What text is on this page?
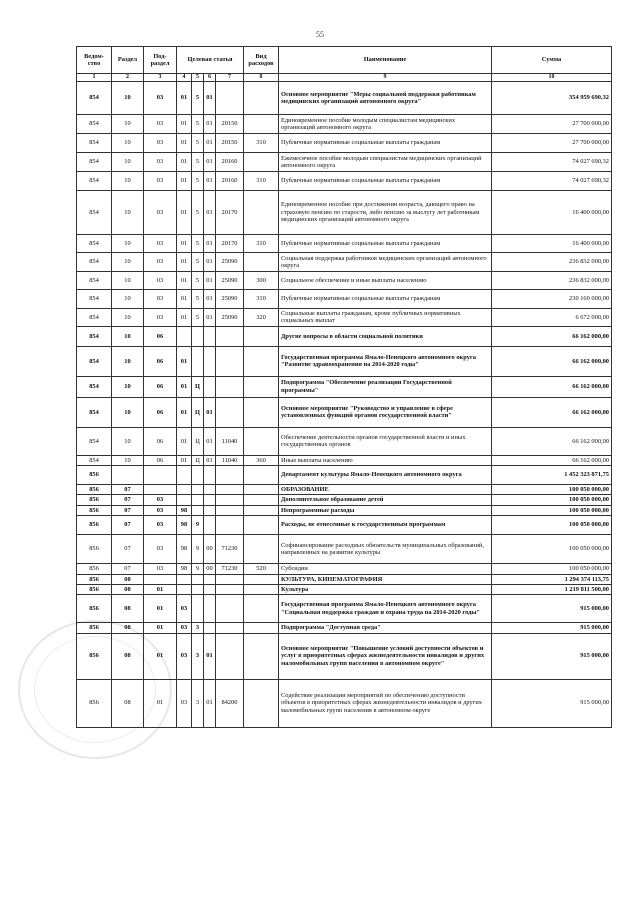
55
Ведом-ство	Раздел	Под-раздел	Целевая статья				Вид расходов	Наименование	Сумма
1	2	3	4	5	6	7	8	9	10
854	10	03	01	5	01			Основное мероприятие "Меры социальной поддержки работникам медицинских организаций автономного округа"	354 959 690,32
854	10	03	01	5	01	20150		Единовременное пособие молодым специалистам медицинских организаций автономного округа	27 700 000,00
854	10	03	01	5	01	20150	310	Публичные нормативные социальные выплаты гражданам	27 700 000,00
854	10	03	01	5	01	20160		Ежемесячное пособие молодым специалистам медицинских организаций автономного округа	74 027 690,32
854	10	03	01	5	01	20160	310	Публичные нормативные социальные выплаты гражданам	74 027 690,32
854	10	03	01	5	01	20170		Единовременное пособие при достижении возраста, дающего право на страховую пенсию по старости, либо пенсию за выслугу лет работникам медицинских организаций автономного округа	16 400 000,00
854	10	03	01	5	01	20170	310	Публичные нормативные социальные выплаты гражданам	16 400 000,00
854	10	03	01	5	01	25090		Социальная поддержка работников медицинских организаций автономного округа	236 832 000,00
854	10	03	01	5	01	25090	300	Социальное обеспечение и иные выплаты населению	236 832 000,00
854	10	03	01	5	01	25090	310	Публичные нормативные социальные выплаты гражданам	230 160 000,00
854	10	03	01	5	01	25090	320	Социальные выплаты гражданам, кроме публичных нормативных социальных выплат	6 672 000,00
854	10	06						Другие вопросы в области социальной политики	66 162 000,00
854	10	06	01					Государственная программа Ямало-Ненецкого автономного округа "Развитие здравоохранения на 2014-2020 годы"	66 162 000,00
854	10	06	01	Ц				Подпрограмма "Обеспечение реализации Государственной программы"	66 162 000,00
854	10	06	01	Ц	01			Основное мероприятие "Руководство и управление в сфере установленных функций органов государственной власти"	66 162 000,00
854	10	06	01	Ц	01	11040		Обеспечение деятельности органов государственной власти и иных государственных органов	66 162 000,00
854	10	06	01	Ц	01	11040	360	Иные выплаты населению	66 162 000,00
856								Департамент культуры Ямало-Ненецкого автономного округа	1 452 323 871,75
856	07							ОБРАЗОВАНИЕ	100 050 000,00
856	07	03						Дополнительное образование детей	100 050 000,00
856	07	03	98					Непрограммные расходы	100 050 000,00
856	07	03	98	9				Расходы, не отнесенные к государственным программам	100 050 000,00
856	07	03	98	9	00	71230		Софинансирование расходных обязательств муниципальных образований, направленных на развитие культуры	100 050 000,00
856	07	03	98	9	00	71230	520	Субсидии	100 050 000,00
856	08							КУЛЬТУРА, КИНЕМАТОГРАФИЯ	1 294 374 113,75
856	08	01						Культура	1 219 811 500,00
856	08	01	03					Государственная программа Ямало-Ненецкого автономного округа "Социальная поддержка граждан и охрана труда на 2014-2020 годы"	915 000,00
856	08	01	03	3				Подпрограмма "Доступная среда"	915 000,00
856	08	01	03	3	01			Основное мероприятие "Повышение условий доступности объектов и услуг в приоритетных сферах жизнедеятельности инвалидов и других маломобильных групп населения в автономном округе"	915 000,00
856	08	01	03	3	01	84200		Содействие реализации мероприятий по обеспечению доступности объектов в приоритетных сферах жизнедеятельности инвалидов и других маломобильных групп населения в автономном округе	915 000,00
